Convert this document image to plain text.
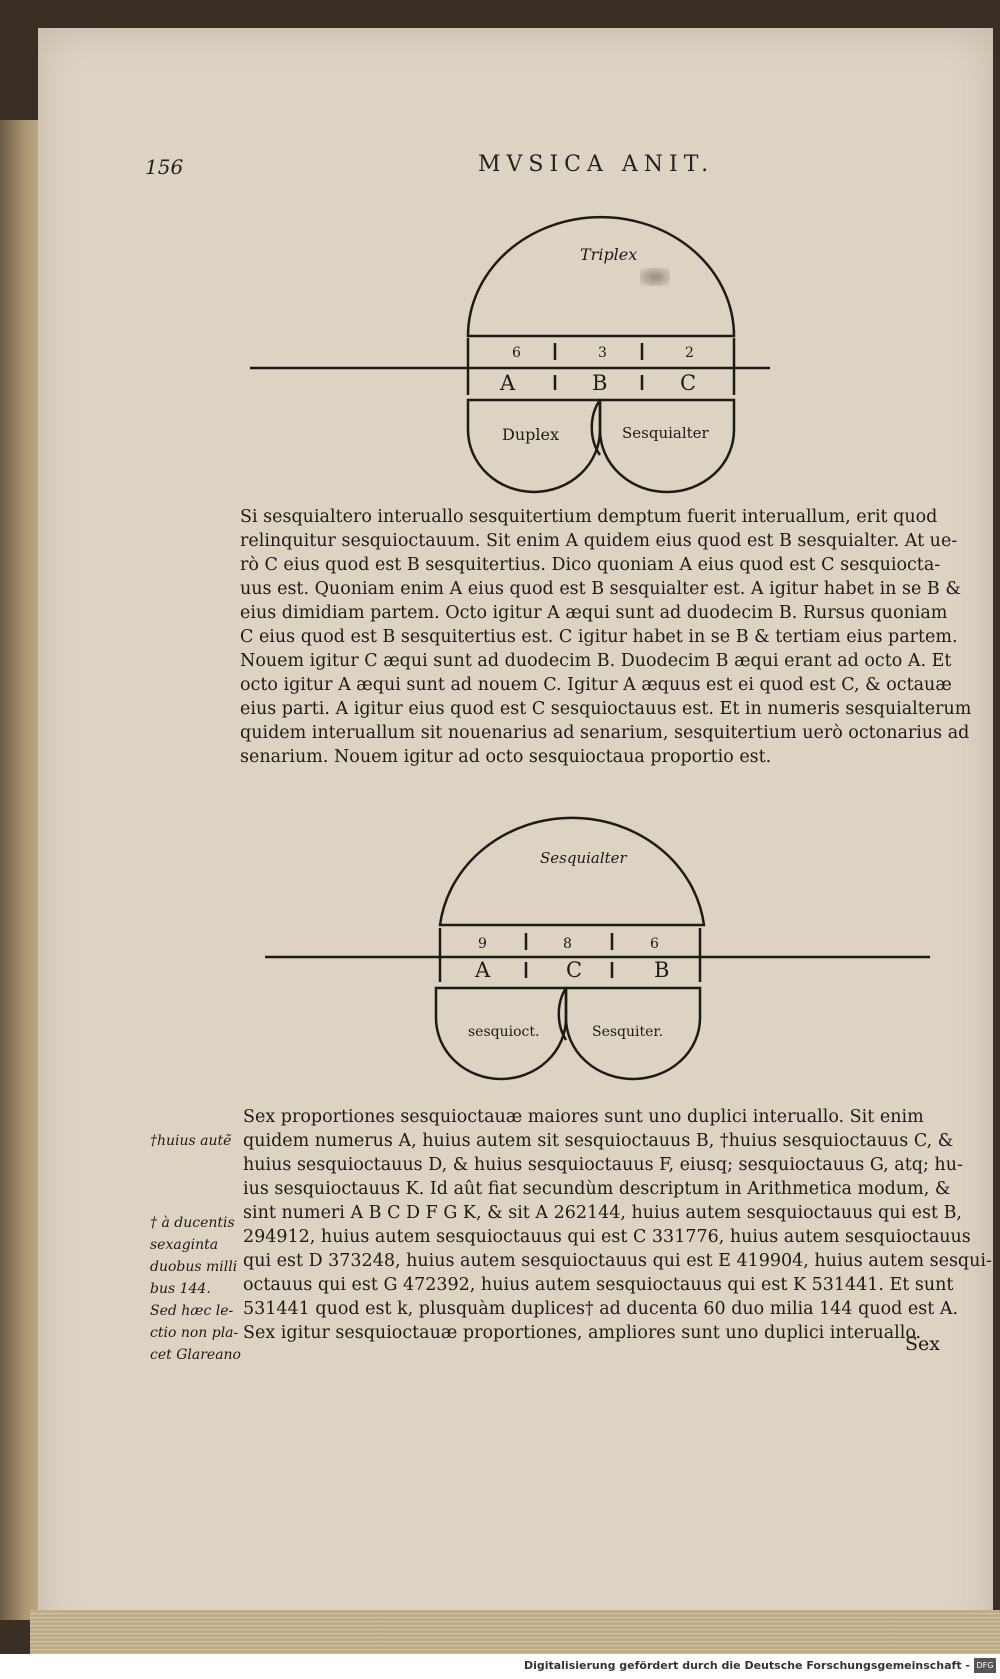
156	MVSICA ANIT.
Triplex
6	3	2
A	B	C
Duplex	Sesquialter
Si sesquialtero interuallo sesquitertium demptum fuerit interuallum, erit quod
relinquitur sesquioctauum. Sit enim A quidem eius quod est B sesquialter. At ue-
rò C eius quod est B sesquitertius. Dico quoniam A eius quod est C sesquiocta-
uus est. Quoniam enim A eius quod est B sesquialter est. A igitur habet in se B &
eius dimidiam partem. Octo igitur A æqui sunt ad duodecim B. Rursus quoniam
C eius quod est B sesquitertius est. C igitur habet in se B & tertiam eius partem.
Nouem igitur C æqui sunt ad duodecim B. Duodecim B æqui erant ad octo A. Et
octo igitur A æqui sunt ad nouem C. Igitur A æquus est ei quod est C, & octauæ
eius parti. A igitur eius quod est C sesquioctauus est. Et in numeris sesquialterum
quidem interuallum sit nouenarius ad senarium, sesquitertium uerò octonarius ad
senarium. Nouem igitur ad octo sesquioctaua proportio est.
Sesquialter
9	8	6
A	C	B
sesquioct.	Sesquiter.
Sex proportiones sesquioctauæ maiores sunt uno duplici interuallo. Sit enim
quidem numerus A, huius autem sit sesquioctauus B, †huius sesquioctauus C, &
huius sesquioctauus D, & huius sesquioctauus F, eiusq; sesquioctauus G, atq; hu-
ius sesquioctauus K. Id aût fiat secundùm descriptum in Arithmetica modum, &
sint numeri A B C D F G K, & sit A 262144, huius autem sesquioctauus qui est B,
294912, huius autem sesquioctauus qui est C 331776, huius autem sesquioctauus
qui est D 373248, huius autem sesquioctauus qui est E 419904, huius autem sesqui-
octauus qui est G 472392, huius autem sesquioctauus qui est K 531441. Et sunt
531441 quod est k, plusquàm duplices† ad ducenta 60 duo milia 144 quod est A.
Sex igitur sesquioctauæ proportiones, ampliores sunt uno duplici interuallo.
†huius autẽ
† à ducentis
sexaginta
duobus milli
bus 144.
Sed hæc le-
ctio non pla-
cet Glareano	Sex
Digitalisierung gefördert durch die Deutsche Forschungsgemeinschaft - DFG
